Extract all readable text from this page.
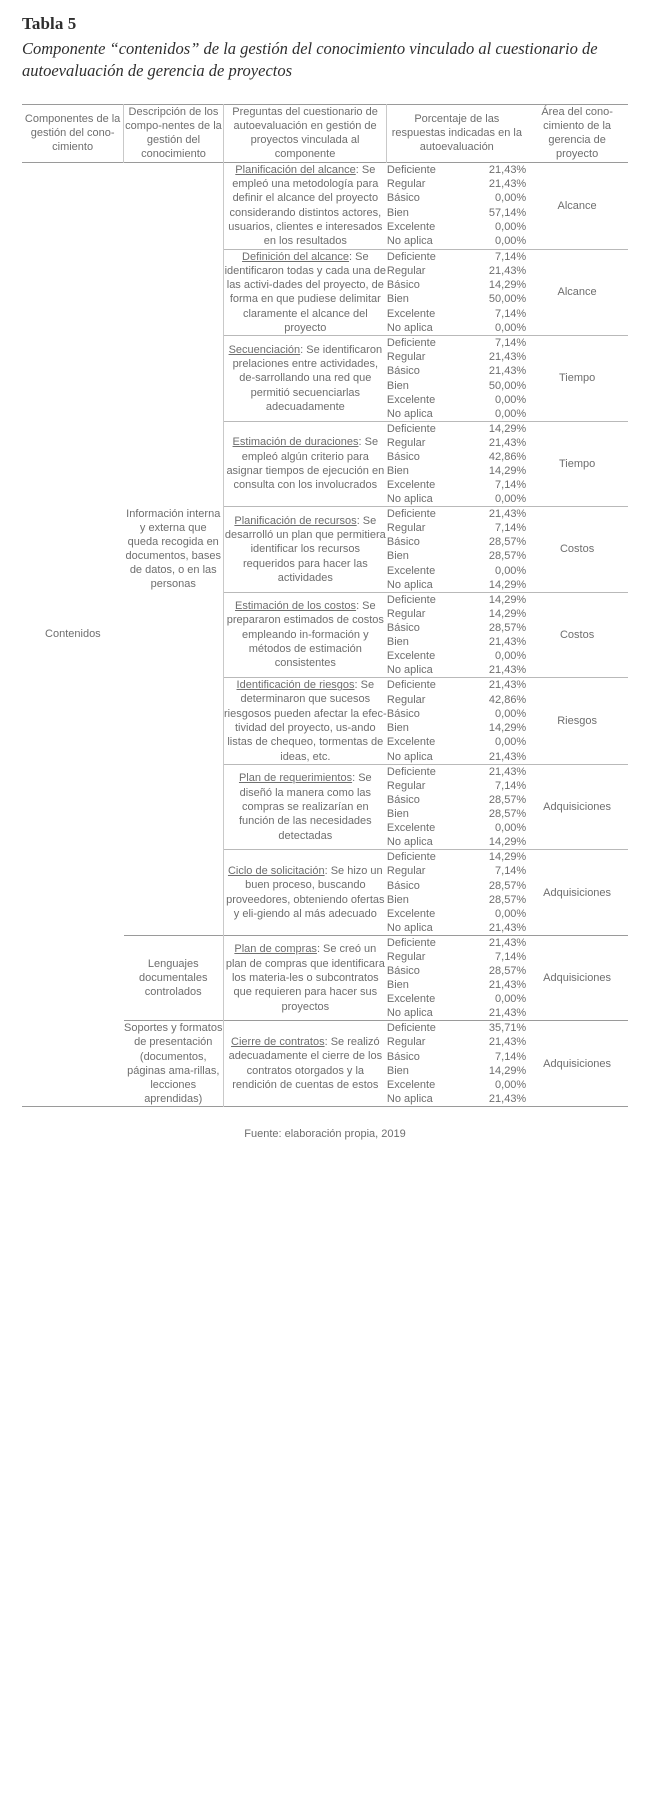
Tabla 5
Componente “contenidos” de la gestión del conocimiento vinculado al cuestionario de autoevaluación de gerencia de proyectos
Componentes de la gestión del cono-cimiento	Descripción de los compo-nentes de la gestión del conocimiento	Preguntas del cuestionario de autoevaluación en gestión de proyectos vinculada al componente	Porcentaje de las respuestas indicadas en la autoevaluación		Área del cono-cimiento de la gerencia de proyecto
Contenidos	Información interna y externa que queda recogida en documentos, bases de datos, o en las personas	Planificación del alcance: Se empleó una metodología para definir el alcance del proyecto considerando distintos actores, usuarios, clientes e interesados en los resultados	Deficiente	21,43%	Alcance
			Regular	21,43%	
			Básico	0,00%	
			Bien	57,14%	
			Excelente	0,00%	
			No aplica	0,00%	
		Definición del alcance: Se identificaron todas y cada una de las activi-dades del proyecto, de forma en que pudiese delimitar claramente el alcance del proyecto	Deficiente	7,14%	Alcance
			Regular	21,43%	
			Básico	14,29%	
			Bien	50,00%	
			Excelente	7,14%	
			No aplica	0,00%	
		Secuenciación: Se identificaron prelaciones entre actividades, de-sarrollando una red que permitió secuenciarlas adecuadamente	Deficiente	7,14%	Tiempo
			Regular	21,43%	
			Básico	21,43%	
			Bien	50,00%	
			Excelente	0,00%	
			No aplica	0,00%	
		Estimación de duraciones: Se empleó algún criterio para asignar tiempos de ejecución en consulta con los involucrados	Deficiente	14,29%	Tiempo
			Regular	21,43%	
			Básico	42,86%	
			Bien	14,29%	
			Excelente	7,14%	
			No aplica	0,00%	
		Planificación de recursos: Se desarrolló un plan que permitiera identificar los recursos requeridos para hacer las actividades	Deficiente	21,43%	Costos
			Regular	7,14%	
			Básico	28,57%	
			Bien	28,57%	
			Excelente	0,00%	
			No aplica	14,29%	
		Estimación de los costos: Se prepararon estimados de costos empleando in-formación y métodos de estimación consistentes	Deficiente	14,29%	Costos
			Regular	14,29%	
			Básico	28,57%	
			Bien	21,43%	
			Excelente	0,00%	
			No aplica	21,43%	
		Identificación de riesgos: Se determinaron que sucesos riesgosos pueden afectar la efec-tividad del proyecto, us-ando listas de chequeo, tormentas de ideas, etc.	Deficiente	21,43%	Riesgos
			Regular	42,86%	
			Básico	0,00%	
			Bien	14,29%	
			Excelente	0,00%	
			No aplica	21,43%	
		Plan de requerimientos: Se diseñó la manera como las compras se realizarían en función de las necesidades detectadas	Deficiente	21,43%	Adquisiciones
			Regular	7,14%	
			Básico	28,57%	
			Bien	28,57%	
			Excelente	0,00%	
			No aplica	14,29%	
		Ciclo de solicitación: Se hizo un buen proceso, buscando proveedores, obteniendo ofertas y eli-giendo al más adecuado	Deficiente	14,29%	Adquisiciones
			Regular	7,14%	
			Básico	28,57%	
			Bien	28,57%	
			Excelente	0,00%	
			No aplica	21,43%	
	Lenguajes documentales controlados	Plan de compras: Se creó un plan de compras que identificara los materia-les o subcontratos que requieren para hacer sus proyectos	Deficiente	21,43%	Adquisiciones
			Regular	7,14%	
			Básico	28,57%	
			Bien	21,43%	
			Excelente	0,00%	
			No aplica	21,43%	
	Soportes y formatos de presentación (documentos, páginas ama-rillas, lecciones aprendidas)	Cierre de contratos: Se realizó adecuadamente el cierre de los contratos otorgados y la rendición de cuentas de estos	Deficiente	35,71%	Adquisiciones
			Regular	21,43%	
			Básico	7,14%	
			Bien	14,29%	
			Excelente	0,00%	
			No aplica	21,43%	
Fuente: elaboración propia, 2019
